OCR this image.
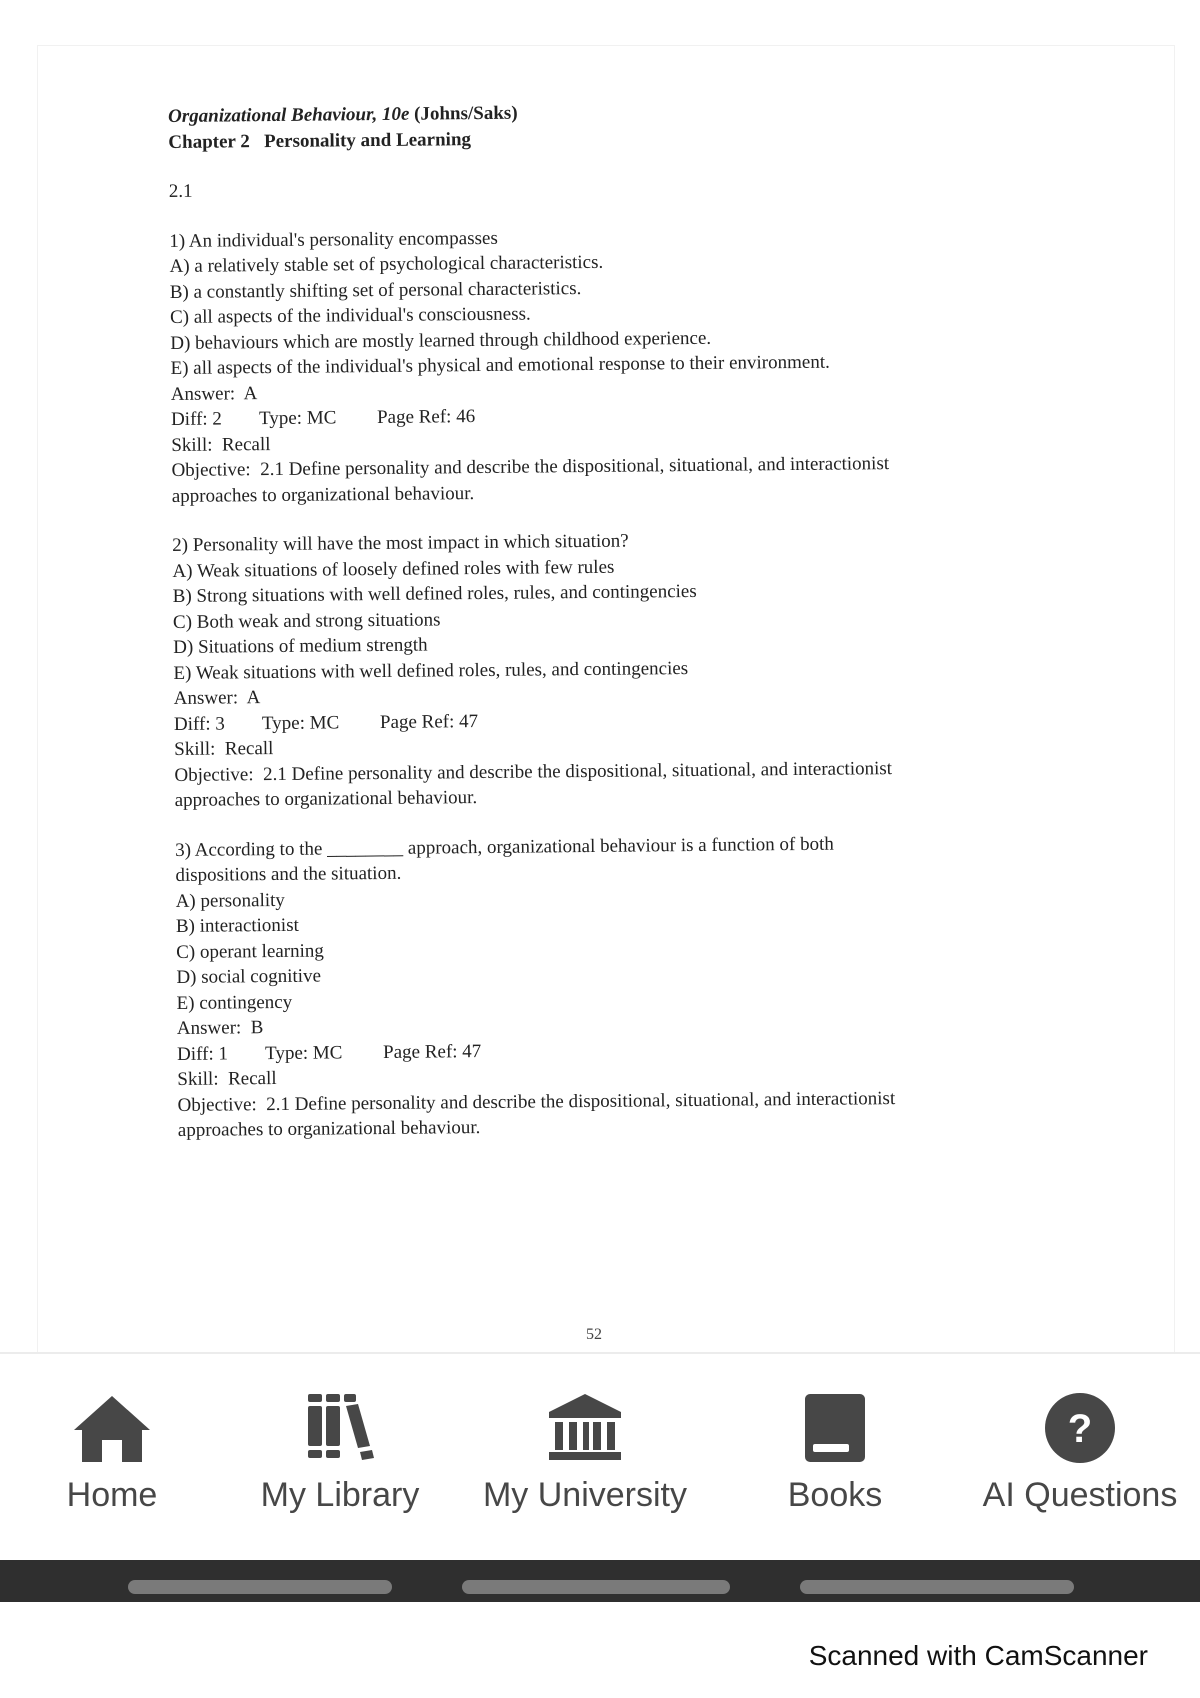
Organizational Behaviour, 10e (Johns/Saks)
Chapter 2   Personality and Learning
2.1
1) An individual's personality encompasses
A) a relatively stable set of psychological characteristics.
B) a constantly shifting set of personal characteristics.
C) all aspects of the individual's consciousness.
D) behaviours which are mostly learned through childhood experience.
E) all aspects of the individual's physical and emotional response to their environment.
Answer:  A
Diff: 2 Type: MC Page Ref: 46
Skill:  Recall
Objective:  2.1 Define personality and describe the dispositional, situational, and interactionist
approaches to organizational behaviour.
2) Personality will have the most impact in which situation?
A) Weak situations of loosely defined roles with few rules
B) Strong situations with well defined roles, rules, and contingencies
C) Both weak and strong situations
D) Situations of medium strength
E) Weak situations with well defined roles, rules, and contingencies
Answer:  A
Diff: 3 Type: MC Page Ref: 47
Skill:  Recall
Objective:  2.1 Define personality and describe the dispositional, situational, and interactionist
approaches to organizational behaviour.
3) According to the ________ approach, organizational behaviour is a function of both
dispositions and the situation.
A) personality
B) interactionist
C) operant learning
D) social cognitive
E) contingency
Answer:  B
Diff: 1 Type: MC Page Ref: 47
Skill:  Recall
Objective:  2.1 Define personality and describe the dispositional, situational, and interactionist
approaches to organizational behaviour.
52
Home	My Library	My University	Books
?
AI Questions
Scanned with CamScanner
